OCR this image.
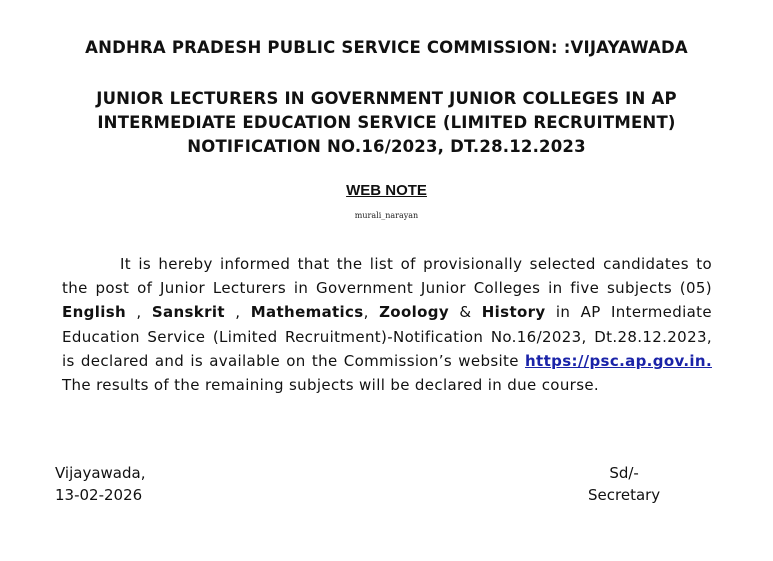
ANDHRA PRADESH PUBLIC SERVICE COMMISSION: :VIJAYAWADA
JUNIOR LECTURERS IN GOVERNMENT JUNIOR COLLEGES IN AP
INTERMEDIATE EDUCATION SERVICE (LIMITED RECRUITMENT)
NOTIFICATION NO.16/2023, DT.28.12.2023
WEB NOTE
murali_narayan
It is hereby informed that the list of provisionally selected candidates to the post of Junior Lecturers in Government Junior Colleges in five subjects (05) English , Sanskrit , Mathematics, Zoology & History in AP Intermediate Education Service (Limited Recruitment)-Notification No.16/2023, Dt.28.12.2023, is declared and is available on the Commission’s website https://psc.ap.gov.in. The results of the remaining subjects will be declared in due course.
Vijayawada,
13-02-2026
Sd/-
Secretary
